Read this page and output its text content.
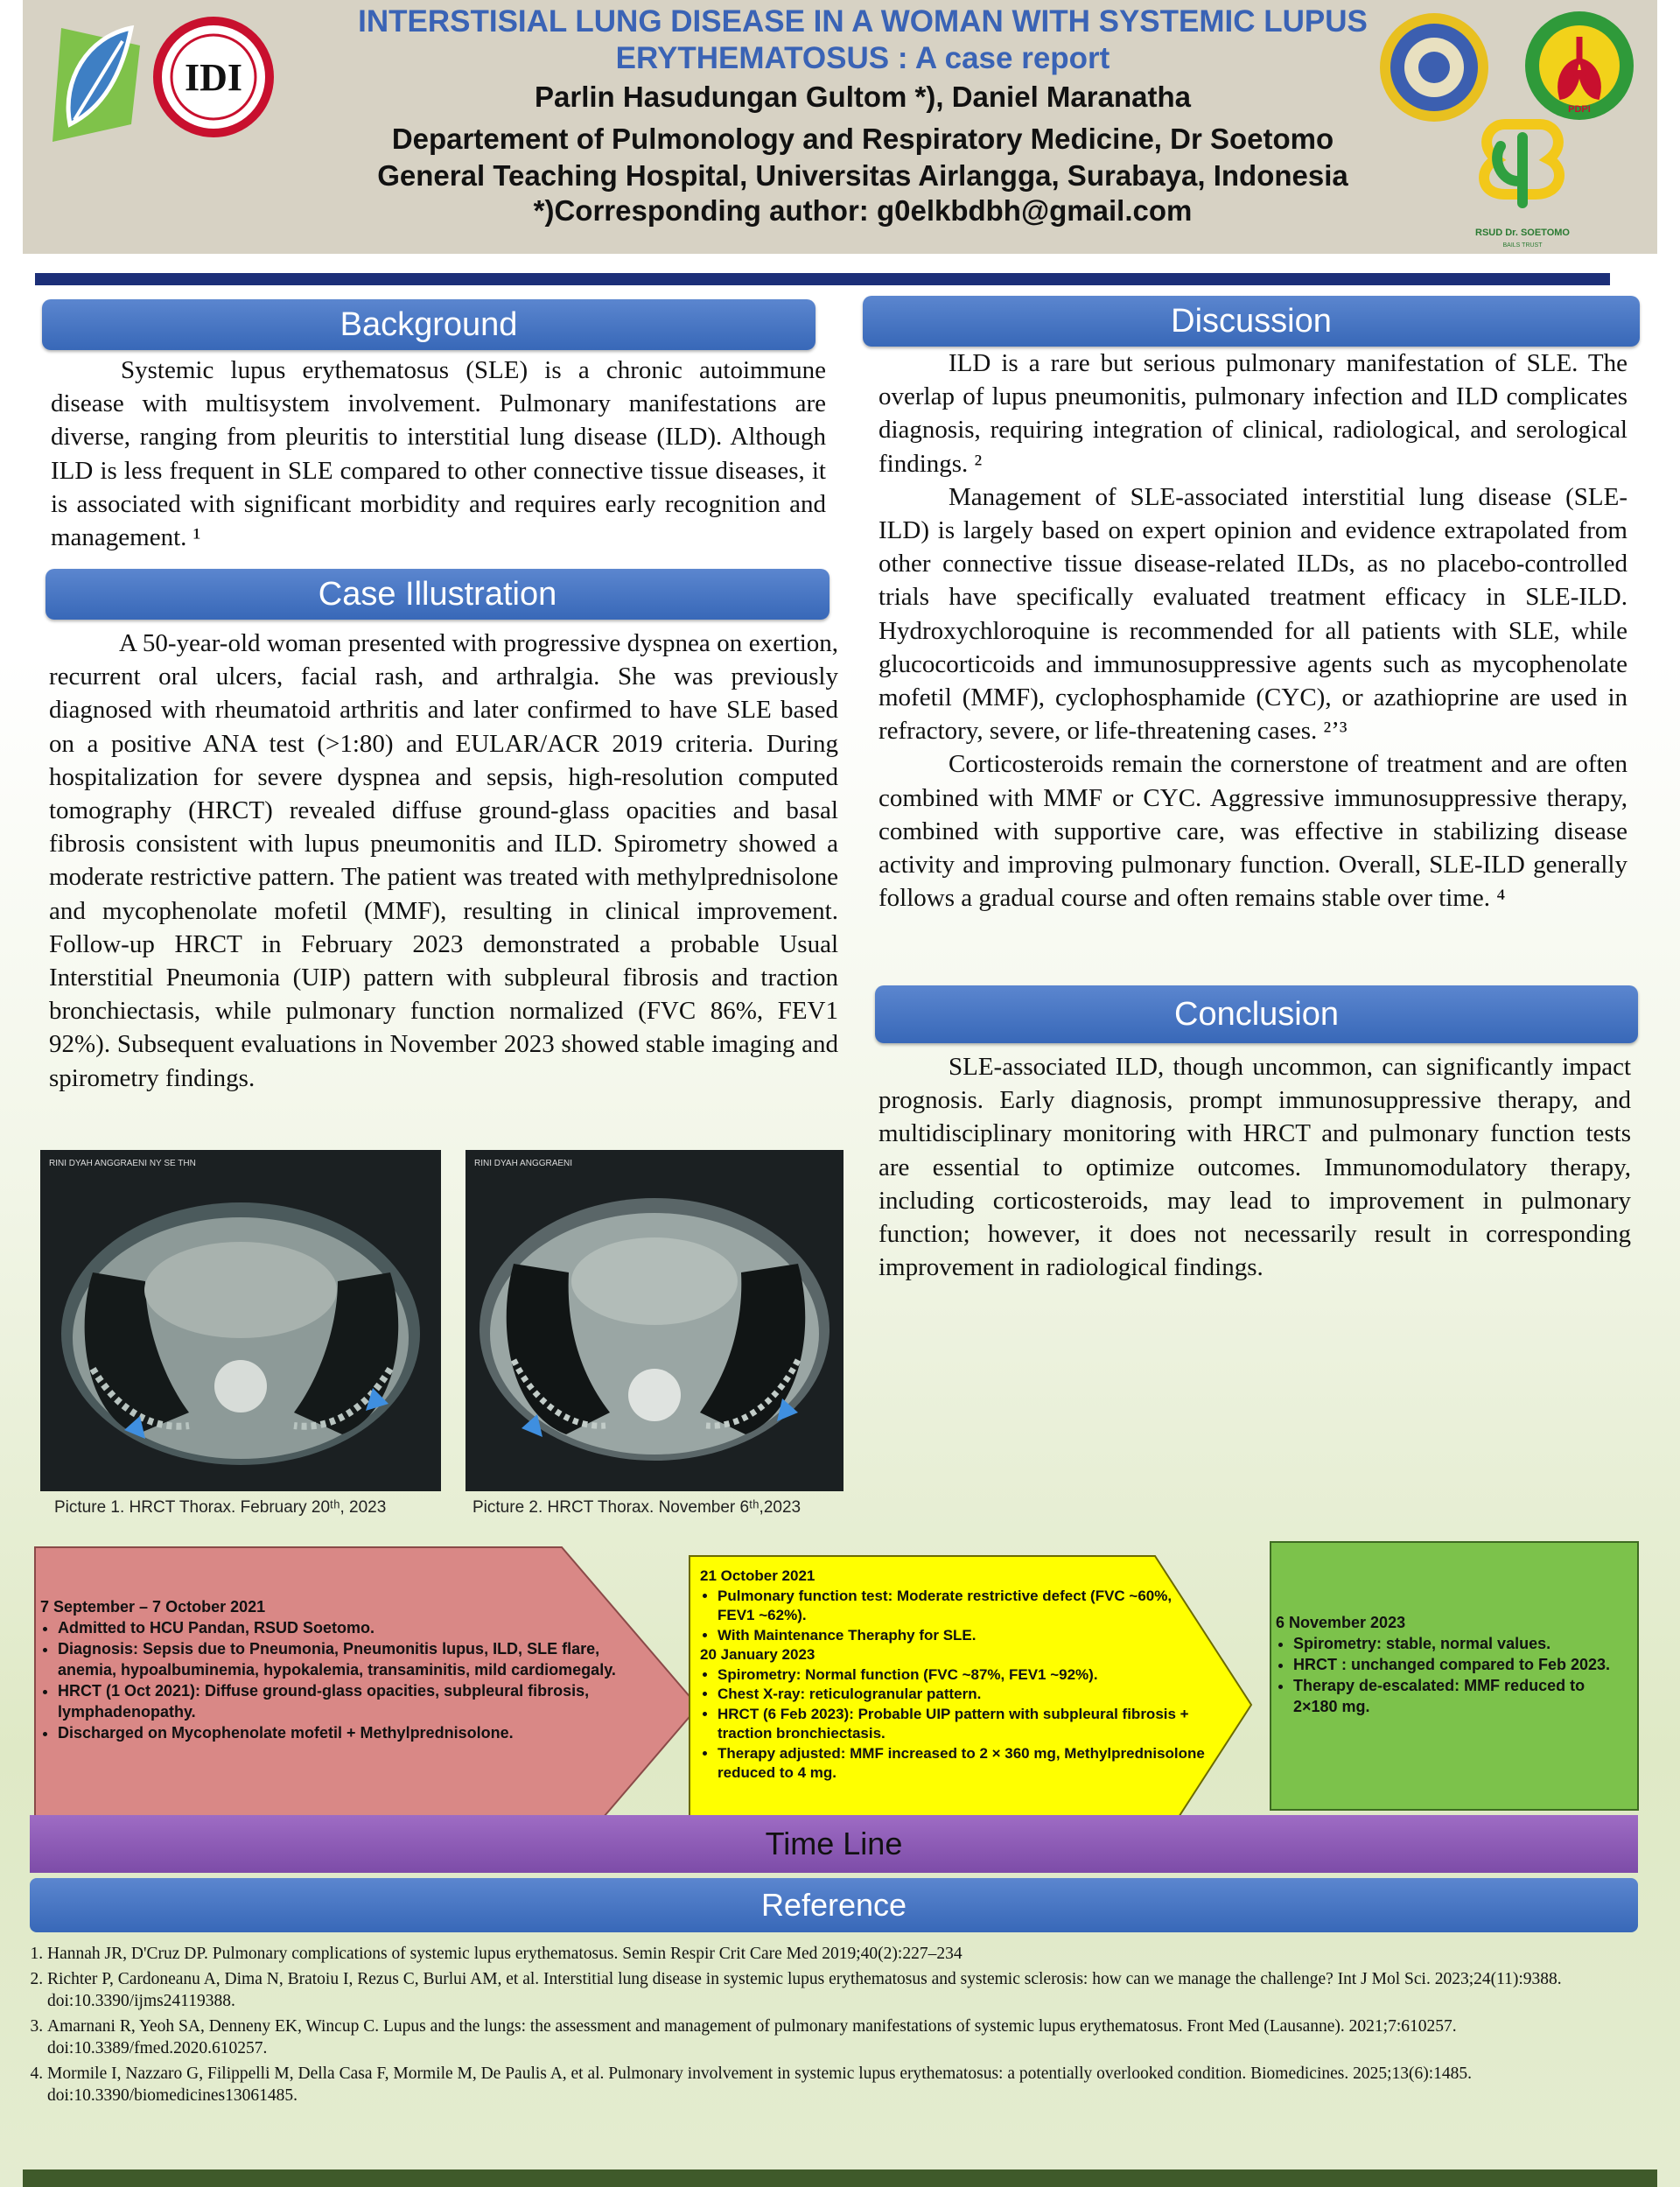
IDI
INTERSTISIAL LUNG DISEASE IN A WOMAN WITH SYSTEMIC LUPUS
ERYTHEMATOSUS : A case report
Parlin Hasudungan Gultom *), Daniel Maranatha
Departement of Pulmonology and Respiratory Medicine, Dr Soetomo
General Teaching Hospital, Universitas Airlangga, Surabaya, Indonesia
*)Corresponding author: g0elkbdbh@gmail.com
PDPI
RSUD Dr. SOETOMO
BAILS TRUST
Background

Systemic lupus erythematosus (SLE) is a chronic autoimmune disease with multisystem involvement. Pulmonary manifestations are diverse, ranging from pleuritis to interstitial lung disease (ILD). Although ILD is less frequent in SLE compared to other connective tissue diseases, it is associated with significant morbidity and requires early recognition and management. ¹

Case Illustration

A 50-year-old woman presented with progressive dyspnea on exertion, recurrent oral ulcers, facial rash, and arthralgia. She was previously diagnosed with rheumatoid arthritis and later confirmed to have SLE based on a positive ANA test (>1:80) and EULAR/ACR 2019 criteria. During hospitalization for severe dyspnea and sepsis, high-resolution computed tomography (HRCT) revealed diffuse ground-glass opacities and basal fibrosis consistent with lupus pneumonitis and ILD. Spirometry showed a moderate restrictive pattern. The patient was treated with methylprednisolone and mycophenolate mofetil (MMF), resulting in clinical improvement. Follow-up HRCT in February 2023 demonstrated a probable Usual Interstitial Pneumonia (UIP) pattern with subpleural fibrosis and traction bronchiectasis, while pulmonary function normalized (FVC 86%, FEV1 92%). Subsequent evaluations in November 2023 showed stable imaging and spirometry findings.

RINI DYAH ANGGRAENI NY SE THN	RINI DYAH ANGGRAENI
Picture 1. HRCT Thorax. February 20ᵗʰ, 2023	Picture 2. HRCT Thorax. November 6ᵗʰ,2023
Discussion

ILD is a rare but serious pulmonary manifestation of SLE. The overlap of lupus pneumonitis, pulmonary infection and ILD complicates diagnosis, requiring integration of clinical, radiological, and serological findings. ²

Management of SLE-associated interstitial lung disease (SLE-ILD) is largely based on expert opinion and evidence extrapolated from other connective tissue disease-related ILDs, as no placebo-controlled trials have specifically evaluated treatment efficacy in SLE-ILD. Hydroxychloroquine is recommended for all patients with SLE, while glucocorticoids and immunosuppressive agents such as mycophenolate mofetil (MMF), cyclophosphamide (CYC), or azathioprine are used in refractory, severe, or life-threatening cases. ²ʼ³

Corticosteroids remain the cornerstone of treatment and are often combined with MMF or CYC. Aggressive immunosuppressive therapy, combined with supportive care, was effective in stabilizing disease activity and improving pulmonary function. Overall, SLE-ILD generally follows a gradual course and often remains stable over time. ⁴

Conclusion

SLE-associated ILD, though uncommon, can significantly impact prognosis. Early diagnosis, prompt immunosuppressive therapy, and multidisciplinary monitoring with HRCT and pulmonary function tests are essential to optimize outcomes. Immunomodulatory therapy, including corticosteroids, may lead to improvement in pulmonary function; however, it does not necessarily result in corresponding improvement in radiological findings.

7 September – 7 October 2021
• Admitted to HCU Pandan, RSUD Soetomo.
• Diagnosis: Sepsis due to Pneumonia, Pneumonitis lupus, ILD, SLE flare, anemia, hypoalbuminemia, hypokalemia, transaminitis, mild cardiomegaly.
• HRCT (1 Oct 2021): Diffuse ground-glass opacities, subpleural fibrosis, lymphadenopathy.
• Discharged on Mycophenolate mofetil + Methylprednisolone.
21 October 2021
• Pulmonary function test: Moderate restrictive defect (FVC ~60%, FEV1 ~62%).
• With Maintenance Theraphy for SLE.
20 January 2023
• Spirometry: Normal function (FVC ~87%, FEV1 ~92%).
• Chest X-ray: reticulogranular pattern.
• HRCT (6 Feb 2023): Probable UIP pattern with subpleural fibrosis + traction bronchiectasis.
• Therapy adjusted: MMF increased to 2 × 360 mg, Methylprednisolone reduced to 4 mg.
6 November 2023
• Spirometry: stable, normal values.
• HRCT : unchanged compared to Feb 2023.
• Therapy de-escalated: MMF reduced to 2×180 mg.
Time Line
Reference
1. Hannah JR, D'Cruz DP. Pulmonary complications of systemic lupus erythematosus. Semin Respir Crit Care Med 2019;40(2):227–234
2. Richter P, Cardoneanu A, Dima N, Bratoiu I, Rezus C, Burlui AM, et al. Interstitial lung disease in systemic lupus erythematosus and systemic sclerosis: how can we manage the challenge? Int J Mol Sci. 2023;24(11):9388. doi:10.3390/ijms24119388.
3. Amarnani R, Yeoh SA, Denneny EK, Wincup C. Lupus and the lungs: the assessment and management of pulmonary manifestations of systemic lupus erythematosus. Front Med (Lausanne). 2021;7:610257. doi:10.3389/fmed.2020.610257.
4. Mormile I, Nazzaro G, Filippelli M, Della Casa F, Mormile M, De Paulis A, et al. Pulmonary involvement in systemic lupus erythematosus: a potentially overlooked condition. Biomedicines. 2025;13(6):1485. doi:10.3390/biomedicines13061485.
